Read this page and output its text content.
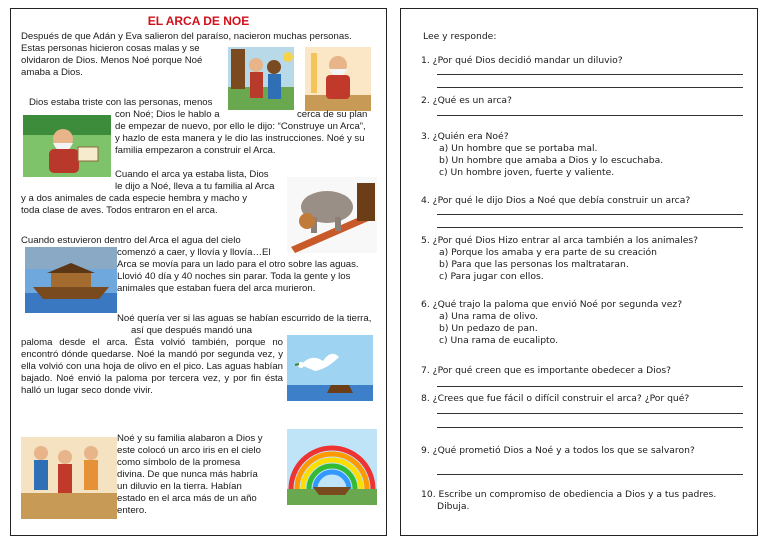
EL ARCA DE NOE
Después de que Adán y Eva salieron del paraíso, nacieron muchas personas.
Estas personas hicieron cosas malas y se
olvidaron de Dios. Menos Noé porque Noé
amaba a Dios.
Dios estaba triste con las personas, menos
con Noé; Dios le hablo a	cerca de su plan
de empezar de nuevo, por ello le dijo: “Construye un Arca”,
y hazlo de esta manera y le dio las instrucciones. Noé y su
familia empezaron a construir el Arca.
Cuando el arca ya estaba lista, Dios
le dijo a Noé, lleva a tu familia al Arca
y a dos animales de cada especie hembra y macho y
toda clase de aves. Todos entraron en el arca.
Cuando estuvieron dentro del Arca el agua del cielo
comenzó a caer, y llovía y llovía…El
Arca se movía para un lado para el otro sobre las aguas.
Llovió 40 día y 40 noches sin parar. Toda la gente y los
animales que estaban fuera del arca murieron.
Noé quería ver si las aguas se habían escurrido de la tierra,
así que después mandó una
paloma desde el arca. Ésta volvió también, porque no encontró dónde quedarse. Noé la mandó por segunda vez, y ella volvió con una hoja de olivo en el pico. Las aguas habían bajado. Noé envió la paloma por tercera vez, y por fin ésta halló un lugar seco donde vivir.
Noé y su familia alabaron a Dios y
este colocó un arco iris en el cielo
como símbolo de la promesa
divina. De que nunca más habría
un diluvio en la tierra. Habían
estado en el arca más de un año
entero.
Lee y responde:
1. ¿Por qué Dios decidió mandar un diluvio?
2. ¿Qué es un arca?
3. ¿Quién era Noé?
a) Un hombre que se portaba mal.
b) Un hombre que amaba a Dios y lo escuchaba.
c) Un hombre joven, fuerte y valiente.
4. ¿Por qué le dijo Dios a Noé que debía construir un arca?
5. ¿Por qué Dios Hizo entrar al arca también a los animales?
a) Porque los amaba y era parte de su creación
b) Para que las personas los maltrataran.
c) Para jugar con ellos.
6. ¿Qué trajo la paloma que envió Noé por segunda vez?
a) Una rama de olivo.
b) Un pedazo de pan.
c) Una rama de eucalipto.
7. ¿Por qué creen que es importante obedecer a Dios?
8. ¿Crees que fue fácil o difícil construir el arca? ¿Por qué?
9. ¿Qué prometió Dios a Noé y a todos los que se salvaron?
10. Escribe un compromiso de obediencia a Dios y a tus padres.
Dibuja.
